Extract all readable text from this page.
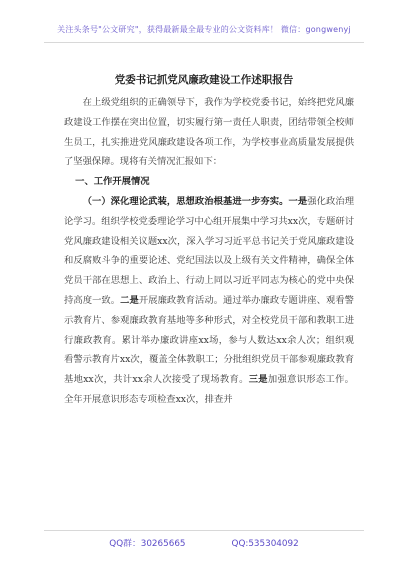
关注头条号"公文研究"，获得最新最全最专业的公文资料库！ 微信：gongwenyj
党委书记抓党风廉政建设工作述职报告

在上级党组织的正确领导下，我作为学校党委书记，始终把党风廉政建设工作摆在突出位置，切实履行第一责任人职责，团结带领全校师生员工，扎实推进党风廉政建设各项工作，为学校事业高质量发展提供了坚强保障。现将有关情况汇报如下：

一、工作开展情况

（一）深化理论武装，思想政治根基进一步夯实。一是强化政治理论学习。组织学校党委理论学习中心组开展集中学习共xx次，专题研讨党风廉政建设相关议题xx次，深入学习习近平总书记关于党风廉政建设和反腐败斗争的重要论述、党纪国法以及上级有关文件精神，确保全体党员干部在思想上、政治上、行动上同以习近平同志为核心的党中央保持高度一致。二是开展廉政教育活动。通过举办廉政专题讲座、观看警示教育片、参观廉政教育基地等多种形式，对全校党员干部和教职工进行廉政教育。累计举办廉政讲座xx场，参与人数达xx余人次；组织观看警示教育片xx次，覆盖全体教职工；分批组织党员干部参观廉政教育基地xx次，共计xx余人次接受了现场教育。三是加强意识形态工作。全年开展意识形态专项检查xx次，排查并

QQ群：30265665	QQ:535304092
